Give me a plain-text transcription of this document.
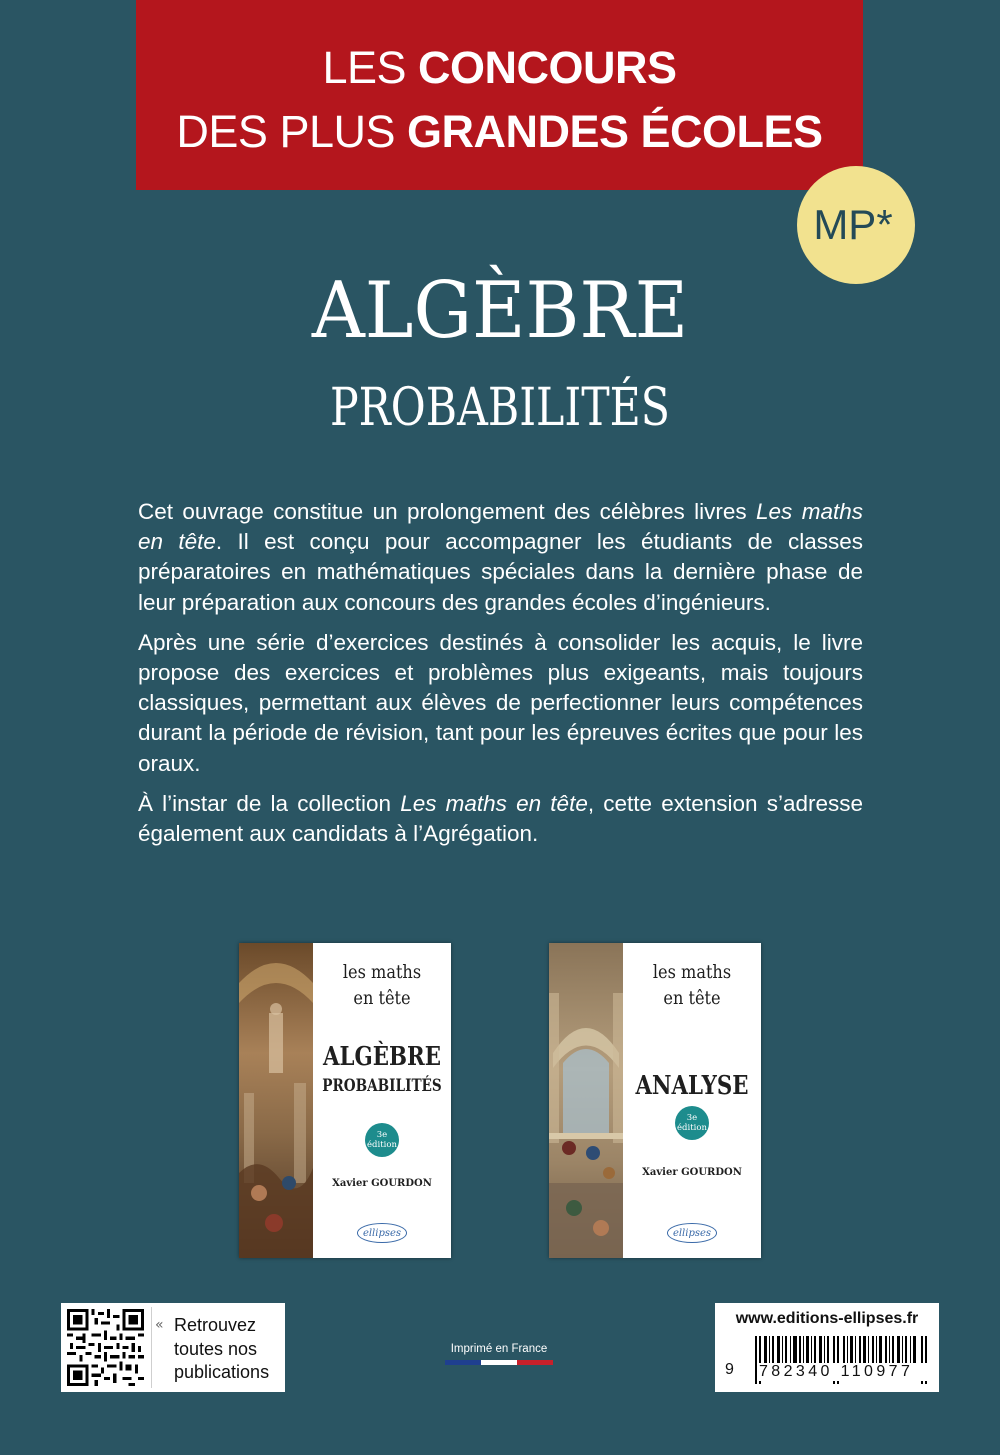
LES CONCOURS
DES PLUS GRANDES ÉCOLES
MP*
ALGÈBRE
PROBABILITÉS

Cet ouvrage constitue un prolongement des célèbres livres Les maths en tête. Il est conçu pour accompagner les étudiants de classes préparatoires en mathématiques spéciales dans la dernière phase de leur préparation aux concours des grandes écoles d’ingénieurs.

Après une série d’exercices destinés à consolider les acquis, le livre propose des exercices et problèmes plus exigeants, mais toujours classiques, permettant aux élèves de perfectionner leurs compétences durant la période de révision, tant pour les épreuves écrites que pour les oraux.

À l’instar de la collection Les maths en tête, cette extension s’adresse également aux candidats à l’Agrégation.

les maths
en tête
ALGÈBRE
PROBABILITÉS
3e
édition
Xavier GOURDON
ellipses
les maths
en tête
ANALYSE
3e
édition
Xavier GOURDON
ellipses
« Retrouvez
toutes nos
publications
Imprimé en France
www.editions-ellipses.fr
9 782340 110977
